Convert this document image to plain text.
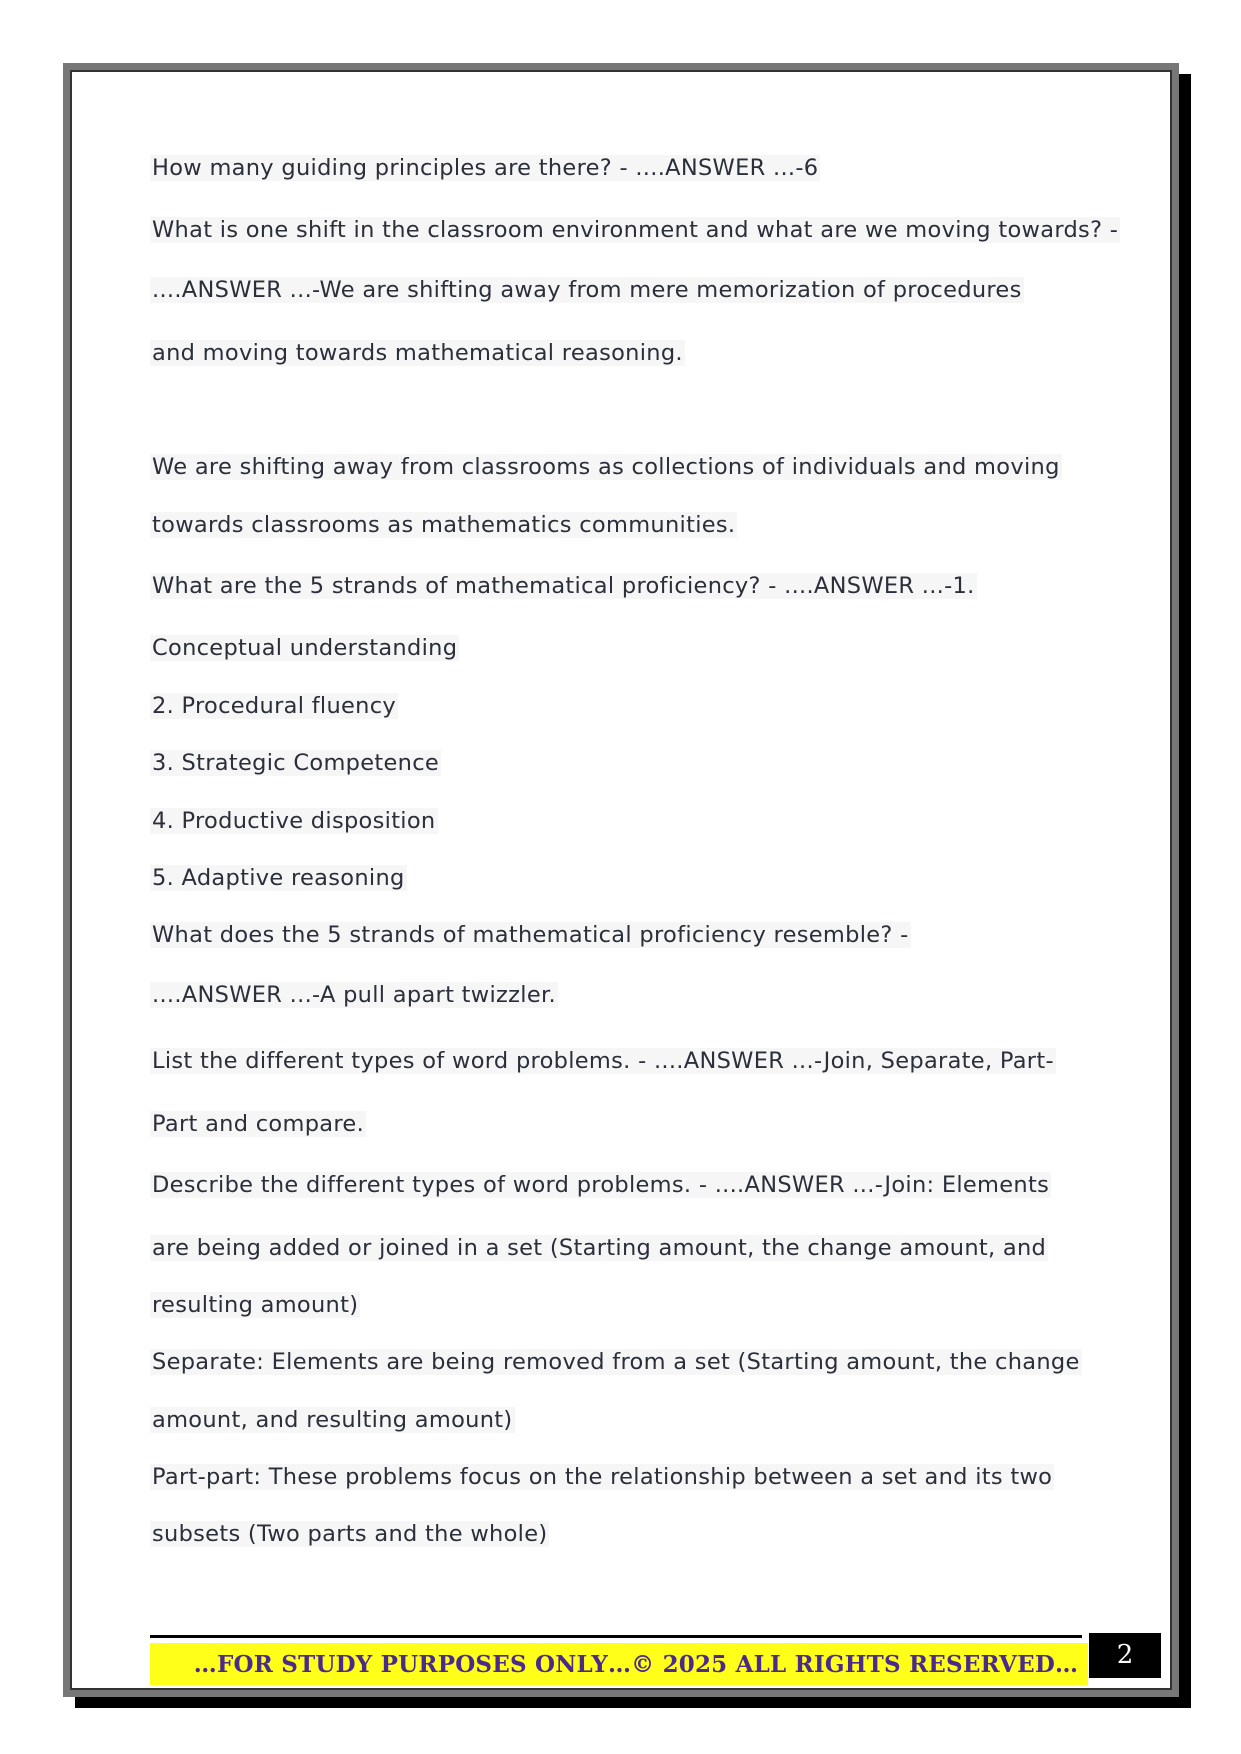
How many guiding principles are there? - ....ANSWER ...-6
What is one shift in the classroom environment and what are we moving towards? -
....ANSWER ...-We are shifting away from mere memorization of procedures
and moving towards mathematical reasoning.
We are shifting away from classrooms as collections of individuals and moving
towards classrooms as mathematics communities.
What are the 5 strands of mathematical proficiency? - ....ANSWER ...-1.
Conceptual understanding
2. Procedural fluency
3. Strategic Competence
4. Productive disposition
5. Adaptive reasoning
What does the 5 strands of mathematical proficiency resemble? -
....ANSWER ...-A pull apart twizzler.
List the different types of word problems. - ....ANSWER ...-Join, Separate, Part-
Part and compare.
Describe the different types of word problems. - ....ANSWER ...-Join: Elements
are being added or joined in a set (Starting amount, the change amount, and
resulting amount)
Separate: Elements are being removed from a set (Starting amount, the change
amount, and resulting amount)
Part-part: These problems focus on the relationship between a set and its two
subsets (Two parts and the whole)
…FOR STUDY PURPOSES ONLY…© 2025 ALL RIGHTS RESERVED…	2
